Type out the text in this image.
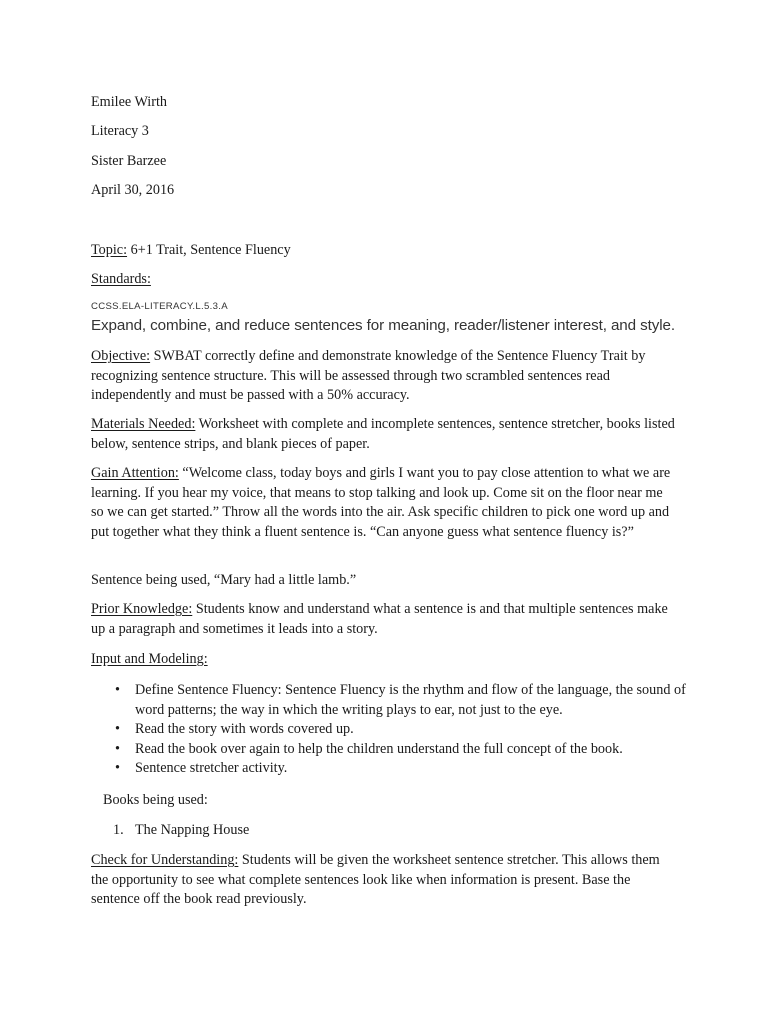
Emilee Wirth

Literacy 3

Sister Barzee

April 30, 2016

Topic: 6+1 Trait, Sentence Fluency

Standards:

CCSS.ELA-LITERACY.L.5.3.A

Expand, combine, and reduce sentences for meaning, reader/listener interest, and style.

Objective: SWBAT correctly define and demonstrate knowledge of the Sentence Fluency Trait by recognizing sentence structure. This will be assessed through two scrambled sentences read independently and must be passed with a 50% accuracy.

Materials Needed: Worksheet with complete and incomplete sentences, sentence stretcher, books listed below, sentence strips, and blank pieces of paper.

Gain Attention: “Welcome class, today boys and girls I want you to pay close attention to what we are learning. If you hear my voice, that means to stop talking and look up. Come sit on the floor near me so we can get started.” Throw all the words into the air. Ask specific children to pick one word up and put together what they think a fluent sentence is. “Can anyone guess what sentence fluency is?”

Sentence being used, “Mary had a little lamb.”

Prior Knowledge: Students know and understand what a sentence is and that multiple sentences make up a paragraph and sometimes it leads into a story.

Input and Modeling:

• Define Sentence Fluency: Sentence Fluency is the rhythm and flow of the language, the sound of word patterns; the way in which the writing plays to ear, not just to the eye.
• Read the story with words covered up.
• Read the book over again to help the children understand the full concept of the book.
• Sentence stretcher activity.

Books being used:

1. The Napping House

Check for Understanding: Students will be given the worksheet sentence stretcher. This allows them the opportunity to see what complete sentences look like when information is present. Base the sentence off the book read previously.
